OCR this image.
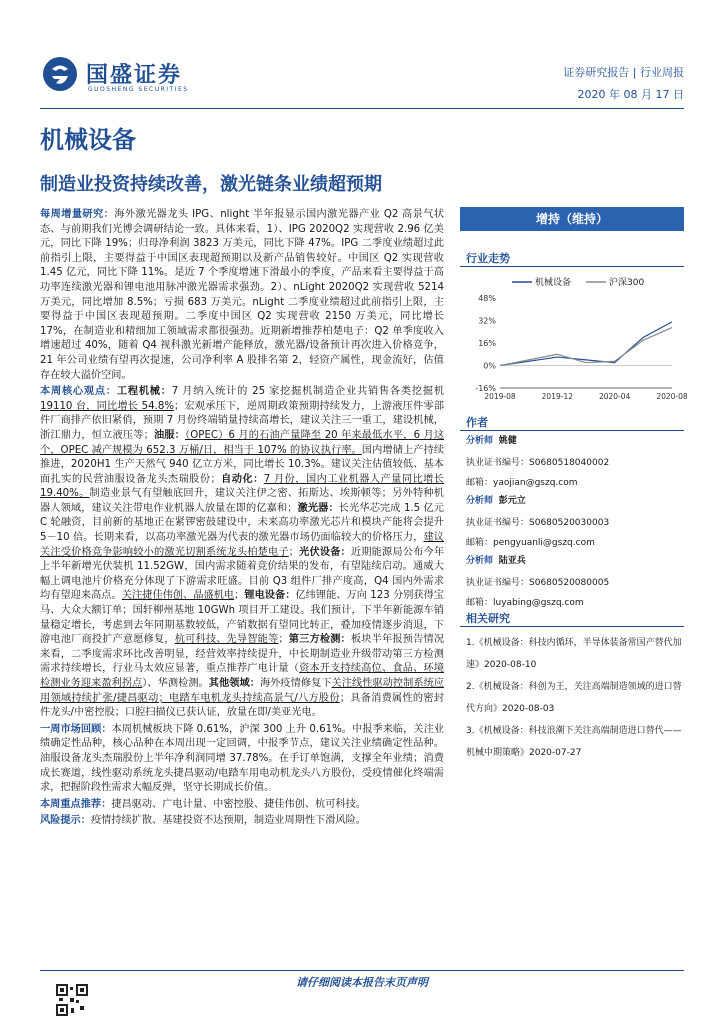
国盛证券
GUOSHENG SECURITIES
证券研究报告 | 行业周报
2020 年 08 月 17 日
机械设备
制造业投资持续改善，激光链条业绩超预期

每周增量研究：海外激光器龙头 IPG、nlight 半年报显示国内激光器产业 Q2 高景气状态、与前期我们光博会调研结论一致。具体来看，1）、IPG 2020Q2 实现营收 2.96 亿美元，同比下降 19%；归母净利润 3823 万美元，同比下降 47%。IPG 二季度业绩超过此前指引上限，主要得益于中国区表现超预期以及新产品销售较好。中国区 Q2 实现营收 1.45 亿元，同比下降 11%。是近 7 个季度增速下滑最小的季度，产品来看主要得益于高功率连续激光器和锂电池用脉冲激光器需求强劲。2）、nLight 2020Q2 实现营收 5214 万美元，同比增加 8.5%；亏损 683 万美元。nLight 二季度业绩超过此前指引上限，主要得益于中国区表现超预期。二季度中国区 Q2 实现营收 2150 万美元，同比增长 17%，在制造业和精细加工领域需求都很强劲。近期新增推荐柏楚电子：Q2 单季度收入增速超过 40%，随着 Q4 视科激光新增产能释放，激光器/设备预计再次进入价格竞争，21 年公司业绩有望再次提速，公司净利率 A 股排名第 2，轻资产属性，现金流好，估值存在较大溢价空间。

本周核心观点：工程机械：7 月纳入统计的 25 家挖掘机制造企业共销售各类挖掘机19110 台，同比增长 54.8%；宏观承压下，逆周期政策预期持续发力，上游液压件零部件厂商排产依旧紧俏，预期 7 月份终端销量持续高增长，建议关注三一重工，建设机械，浙江鼎力，恒立液压等；油服：（OPEC）6 月的石油产量降至 20 年来最低水平，6 月这个，OPEC 减产规模为 652.3 万桶/日，相当于 107% 的协议执行率。国内增储上产持续推进，2020H1 生产天然气 940 亿立方米，同比增长 10.3%。建议关注估值较低、基本面扎实的民营油服设备龙头杰瑞股份；自动化：7 月份，国内工业机器人产量同比增长 19.40%。制造业景气有望触底回升，建议关注伊之密、拓斯达、埃斯顿等；另外特种机器人领域，建议关注带电作业机器人放量在即的亿嘉和；激光器：长光华芯完成 1.5 亿元 C 轮融资，目前新的基地正在紧锣密鼓建设中，未来高功率激光芯片和模块产能将会提升 5－10 倍。长期来看，以高功率激光器为代表的激光器市场仍面临较大的价格压力，建议关注受价格竞争影响较小的激光切割系统龙头柏楚电子；光伏设备：近期能源局公布今年上半年新增光伏装机 11.52GW，国内需求随着竞价结果的发布，有望陆续启动。通威大幅上调电池片价格充分体现了下游需求旺盛。目前 Q3 组件厂排产度高，Q4 国内外需求均有望迎来高点。关注捷佳伟创、晶盛机电；锂电设备：亿纬锂能、万向 123 分别获得宝马、大众大额订单；国轩柳州基地 10GWh 项目开工建设。我们预计，下半年新能源车销量稳定增长，考虑到去年同期基数较低，产销数据有望同比转正，叠加疫情逐步消退，下游电池厂商投扩产意愿修复，杭可科技、先导智能等；第三方检测：板块半年报预告情况来看，二季度需求环比改善明显，经营效率持续提升，中长期制造业升级带动第三方检测需求持续增长，行业马太效应显著，重点推荐广电计量（资本开支持续高位、食品、环境检测业务迎来盈利拐点）、华测检测。其他领域：海外疫情修复下关注线性驱动控制系统应用领域持续扩张/捷昌驱动；电踏车电机龙头持续高景气/八方股份；具备消费属性的密封件龙头/中密控股；口腔扫描仪已获认证，放量在即/美亚光电。

一周市场回顾：本周机械板块下降 0.61%，沪深 300 上升 0.61%。中报季来临，关注业绩确定性品种，核心品种在本周出现一定回调，中报季节点，建议关注业绩确定性品种。油服设备龙头杰瑞股份上半年净利润同增 37.78%。在手订单饱满，支撑全年业绩；消费成长赛道，线性驱动系统龙头捷昌驱动/电踏车用电动机龙头八方股份，受疫情催化终端需求，把握阶段性需求大幅反弹，坚守长期成长价值。

本周重点推荐：捷昌驱动、广电计量、中密控股、捷佳伟创、杭可科技。

风险提示：疫情持续扩散、基建投资不达预期，制造业周期性下滑风险。

增持（维持）
行业走势
机械设备	沪深300
-16%
0%
16%
32%
48%
2019-08	2019-12	2020-04	2020-08
作者
分析师 姚健
执业证书编号：S0680518040002
邮箱：yaojian@gszq.com
分析师 彭元立
执业证书编号：S0680520030003
邮箱：pengyuanli@gszq.com
分析师 陆亚兵
执业证书编号：S0680520080005
邮箱：luyabing@gszq.com
相关研究
1.《机械设备：科技内循环，半导体装备常国产替代加速》2020-08-10
2.《机械设备：科创为王，关注高端制造领域的进口替代方向》2020-08-03
3.《机械设备：科技浪潮下关注高端制造进口替代——机械中期策略》2020-07-27
请仔细阅读本报告末页声明
